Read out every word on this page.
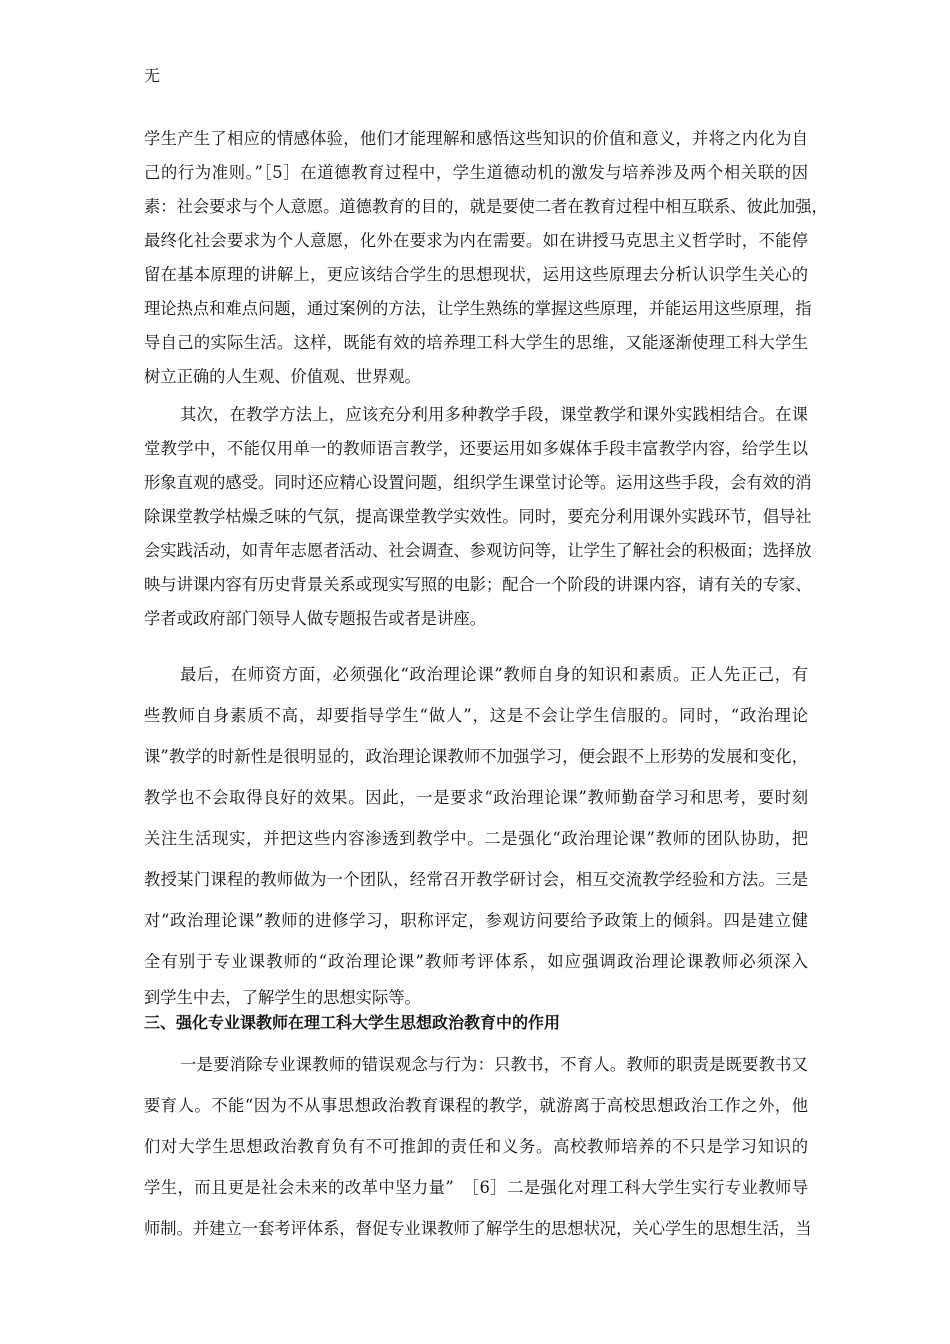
无
学生产生了相应的情感体验，他们才能理解和感悟这些知识的价值和意义，并将之内化为自
己的行为准则。”［5］在道德教育过程中，学生道德动机的激发与培养涉及两个相关联的因
素：社会要求与个人意愿。道德教育的目的，就是要使二者在教育过程中相互联系、彼此加强，
最终化社会要求为个人意愿，化外在要求为内在需要。如在讲授马克思主义哲学时，不能停
留在基本原理的讲解上，更应该结合学生的思想现状，运用这些原理去分析认识学生关心的
理论热点和难点问题，通过案例的方法，让学生熟练的掌握这些原理，并能运用这些原理，指
导自己的实际生活。这样，既能有效的培养理工科大学生的思维，又能逐渐使理工科大学生
树立正确的人生观、价值观、世界观。
其次，在教学方法上，应该充分利用多种教学手段，课堂教学和课外实践相结合。在课
堂教学中，不能仅用单一的教师语言教学，还要运用如多媒体手段丰富教学内容，给学生以
形象直观的感受。同时还应精心设置问题，组织学生课堂讨论等。运用这些手段，会有效的消
除课堂教学枯燥乏味的气氛，提高课堂教学实效性。同时，要充分利用课外实践环节，倡导社
会实践活动，如青年志愿者活动、社会调查、参观访问等，让学生了解社会的积极面；选择放
映与讲课内容有历史背景关系或现实写照的电影；配合一个阶段的讲课内容，请有关的专家、
学者或政府部门领导人做专题报告或者是讲座。
最后，在师资方面，必须强化“政治理论课”教师自身的知识和素质。正人先正己，有
些教师自身素质不高，却要指导学生“做人”，这是不会让学生信服的。同时，“政治理论
课”教学的时新性是很明显的，政治理论课教师不加强学习，便会跟不上形势的发展和变化，
教学也不会取得良好的效果。因此，一是要求“政治理论课”教师勤奋学习和思考，要时刻
关注生活现实，并把这些内容渗透到教学中。二是强化“政治理论课”教师的团队协助，把
教授某门课程的教师做为一个团队，经常召开教学研讨会，相互交流教学经验和方法。三是
对“政治理论课”教师的进修学习，职称评定，参观访问要给予政策上的倾斜。四是建立健
全有别于专业课教师的“政治理论课”教师考评体系，如应强调政治理论课教师必须深入
到学生中去，了解学生的思想实际等。
三、强化专业课教师在理工科大学生思想政治教育中的作用
一是要消除专业课教师的错误观念与行为：只教书，不育人。教师的职责是既要教书又
要育人。不能“因为不从事思想政治教育课程的教学，就游离于高校思想政治工作之外，他
们对大学生思想政治教育负有不可推卸的责任和义务。高校教师培养的不只是学习知识的
学生，而且更是社会未来的改革中坚力量”　［6］二是强化对理工科大学生实行专业教师导
师制。并建立一套考评体系，督促专业课教师了解学生的思想状况，关心学生的思想生活，当
